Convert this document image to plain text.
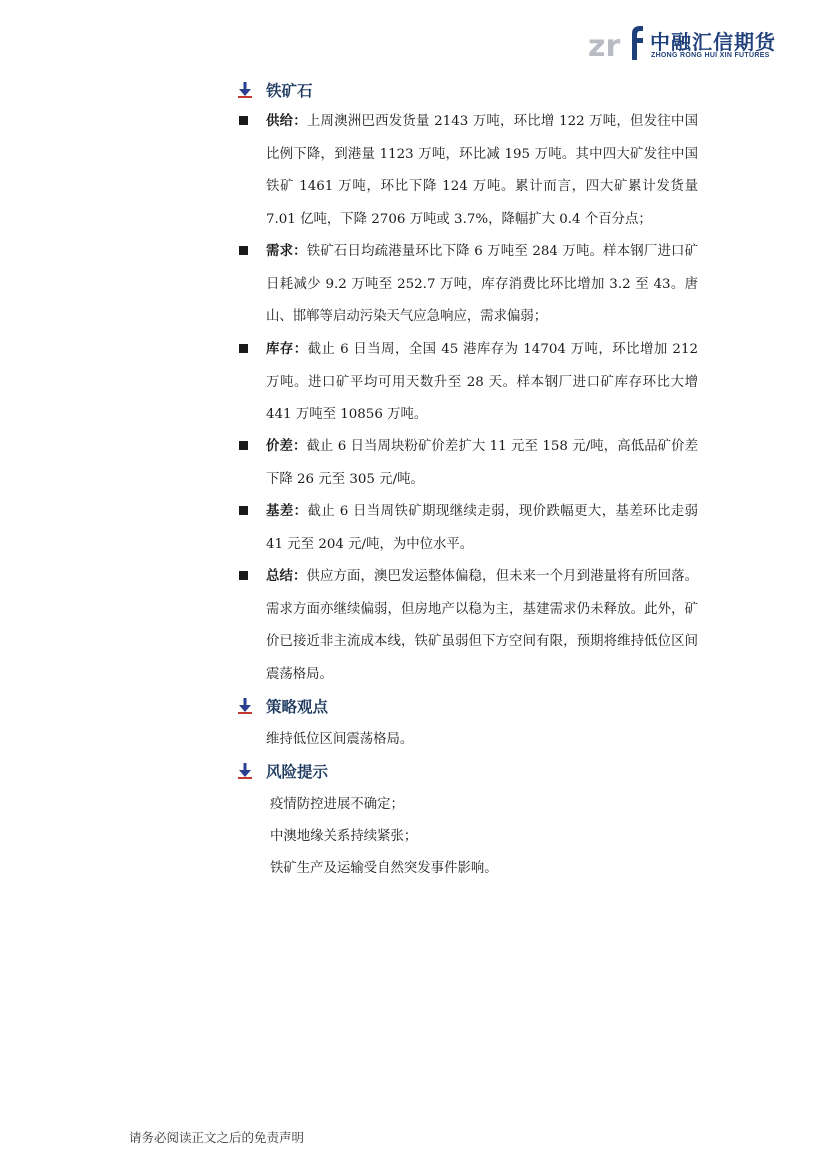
zr 中融汇信期货
ZHONG RONG HUI XIN FUTURES
铁矿石
供给：上周澳洲巴西发货量 2143 万吨，环比增 122 万吨，但发往中国比例下降，到港量 1123 万吨，环比减 195 万吨。其中四大矿发往中国铁矿 1461 万吨，环比下降 124 万吨。累计而言，四大矿累计发货量 7.01 亿吨，下降 2706 万吨或 3.7%，降幅扩大 0.4 个百分点；
需求：铁矿石日均疏港量环比下降 6 万吨至 284 万吨。样本钢厂进口矿日耗减少 9.2 万吨至 252.7 万吨，库存消费比环比增加 3.2 至 43。唐山、邯郸等启动污染天气应急响应，需求偏弱；
库存：截止 6 日当周，全国 45 港库存为 14704 万吨，环比增加 212 万吨。进口矿平均可用天数升至 28 天。样本钢厂进口矿库存环比大增 441 万吨至 10856 万吨。
价差：截止 6 日当周块粉矿价差扩大 11 元至 158 元/吨，高低品矿价差下降 26 元至 305 元/吨。
基差：截止 6 日当周铁矿期现继续走弱，现价跌幅更大，基差环比走弱 41 元至 204 元/吨，为中位水平。
总结：供应方面，澳巴发运整体偏稳，但未来一个月到港量将有所回落。需求方面亦继续偏弱，但房地产以稳为主，基建需求仍未释放。此外，矿价已接近非主流成本线，铁矿虽弱但下方空间有限，预期将维持低位区间震荡格局。
策略观点
维持低位区间震荡格局。
风险提示
疫情防控进展不确定；
中澳地缘关系持续紧张；
铁矿生产及运输受自然突发事件影响。
请务必阅读正文之后的免责声明
